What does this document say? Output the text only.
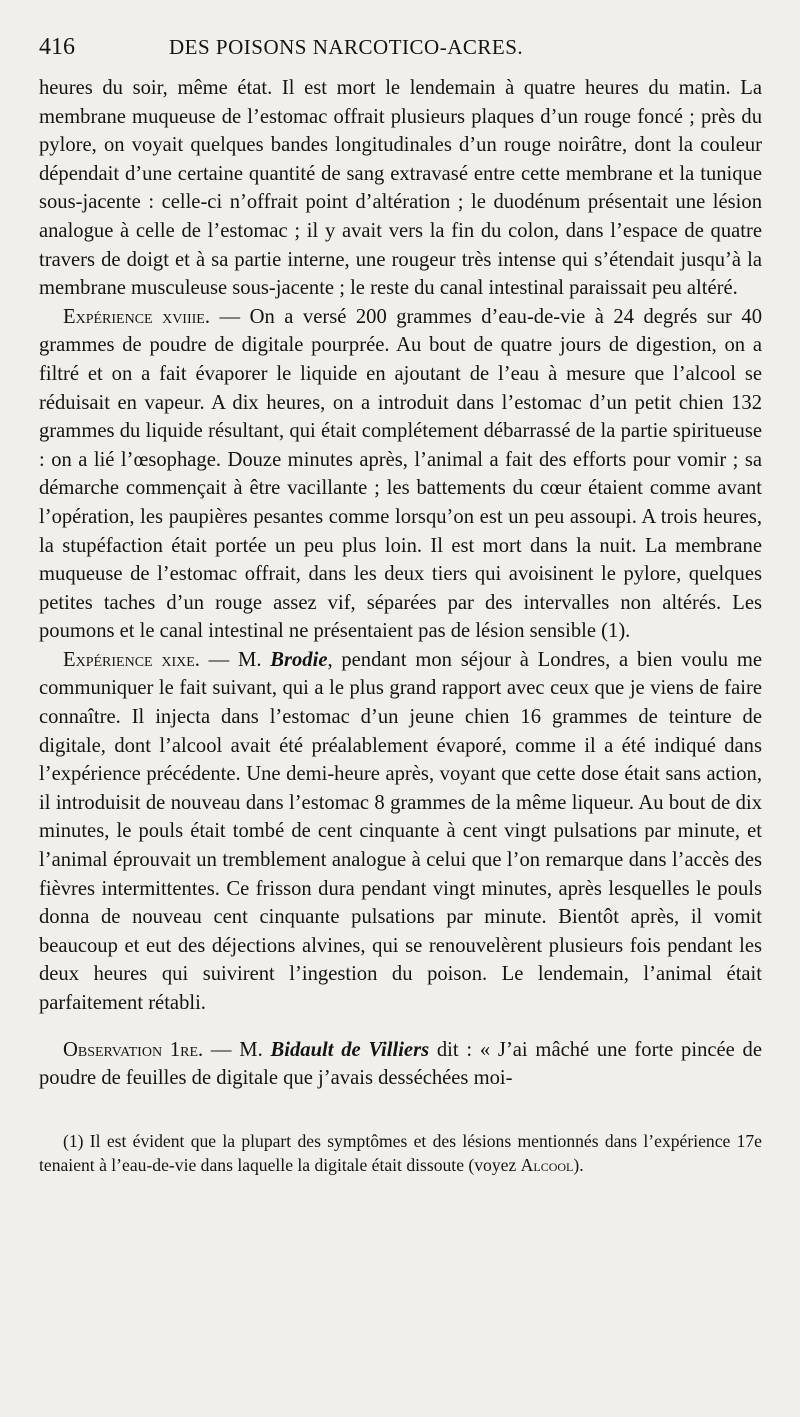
416	DES POISONS NARCOTICO-ACRES.

heures du soir, même état. Il est mort le lendemain à quatre heures du matin. La membrane muqueuse de l’estomac offrait plusieurs plaques d’un rouge foncé ; près du pylore, on voyait quelques bandes longitudinales d’un rouge noirâtre, dont la couleur dépendait d’une certaine quantité de sang extravasé entre cette membrane et la tunique sous-jacente : celle-ci n’offrait point d’altération ; le duodénum présentait une lésion analogue à celle de l’estomac ; il y avait vers la fin du colon, dans l’espace de quatre travers de doigt et à sa partie interne, une rougeur très intense qui s’étendait jusqu’à la membrane musculeuse sous-jacente ; le reste du canal intestinal paraissait peu altéré.

Expérience xviiie. — On a versé 200 grammes d’eau-de-vie à 24 degrés sur 40 grammes de poudre de digitale pourprée. Au bout de quatre jours de digestion, on a filtré et on a fait évaporer le liquide en ajoutant de l’eau à mesure que l’alcool se réduisait en vapeur. A dix heures, on a introduit dans l’estomac d’un petit chien 132 grammes du liquide résultant, qui était complétement débarrassé de la partie spiritueuse : on a lié l’œsophage. Douze minutes après, l’animal a fait des efforts pour vomir ; sa démarche commençait à être vacillante ; les battements du cœur étaient comme avant l’opération, les paupières pesantes comme lorsqu’on est un peu assoupi. A trois heures, la stupéfaction était portée un peu plus loin. Il est mort dans la nuit. La membrane muqueuse de l’estomac offrait, dans les deux tiers qui avoisinent le pylore, quelques petites taches d’un rouge assez vif, séparées par des intervalles non altérés. Les poumons et le canal intestinal ne présentaient pas de lésion sensible (1).

Expérience xixe. — M. Brodie, pendant mon séjour à Londres, a bien voulu me communiquer le fait suivant, qui a le plus grand rapport avec ceux que je viens de faire connaître. Il injecta dans l’estomac d’un jeune chien 16 grammes de teinture de digitale, dont l’alcool avait été préalablement évaporé, comme il a été indiqué dans l’expérience précédente. Une demi-heure après, voyant que cette dose était sans action, il introduisit de nouveau dans l’estomac 8 grammes de la même liqueur. Au bout de dix minutes, le pouls était tombé de cent cinquante à cent vingt pulsations par minute, et l’animal éprouvait un tremblement analogue à celui que l’on remarque dans l’accès des fièvres intermittentes. Ce frisson dura pendant vingt minutes, après lesquelles le pouls donna de nouveau cent cinquante pulsations par minute. Bientôt après, il vomit beaucoup et eut des déjections alvines, qui se renouvelèrent plusieurs fois pendant les deux heures qui suivirent l’ingestion du poison. Le lendemain, l’animal était parfaitement rétabli.

Observation 1re. — M. Bidault de Villiers dit : « J’ai mâché une forte pincée de poudre de feuilles de digitale que j’avais desséchées moi-

(1) Il est évident que la plupart des symptômes et des lésions mentionnés dans l’expérience 17e tenaient à l’eau-de-vie dans laquelle la digitale était dissoute (voyez Alcool).
